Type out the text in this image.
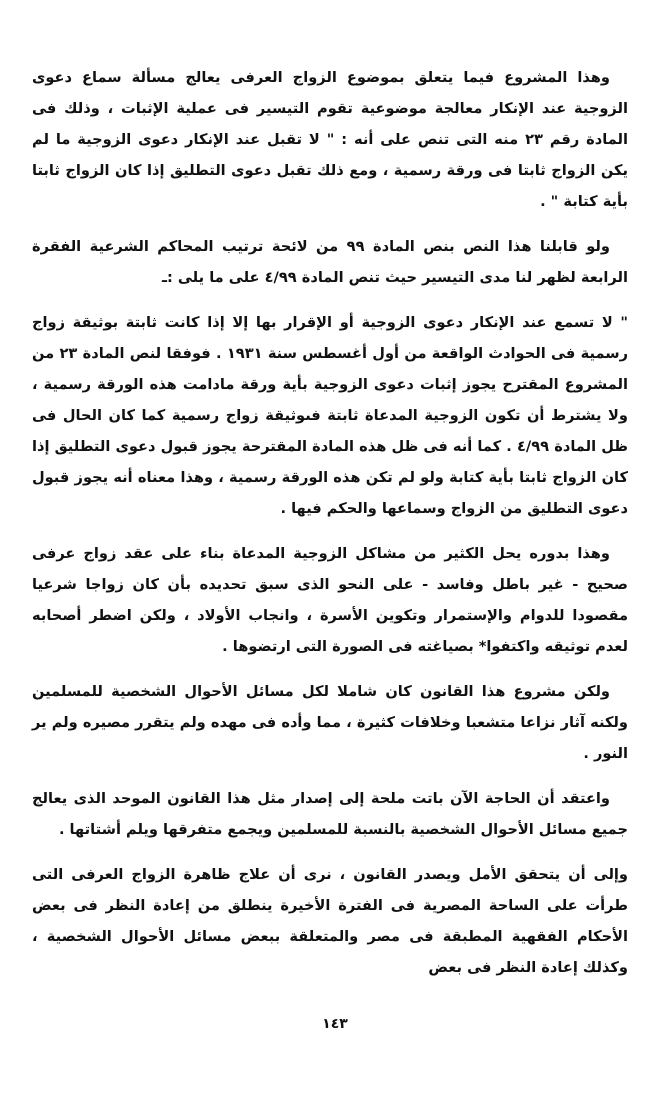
وهذا المشروع فيما يتعلق بموضوع الزواج العرفى يعالج مسألة سماع دعوى الزوجية عند الإنكار معالجة موضوعية تقوم التيسير فى عملية الإثبات ، وذلك فى المادة رقم ٢٣ منه التى تنص على أنه : " لا تقبل عند الإنكار دعوى الزوجية ما لم يكن الزواج ثابتا فى ورقة رسمية ، ومع ذلك تقبل دعوى التطليق إذا كان الزواج ثابتا بأية كتابة " .

ولو قابلنا هذا النص بنص المادة ٩٩ من لائحة ترتيب المحاكم الشرعية الفقرة الرابعة لظهر لنا مدى التيسير حيث تنص المادة ٤/٩٩ على ما يلى :ـ

" لا تسمع عند الإنكار دعوى الزوجية أو الإقرار بها إلا إذا كانت ثابتة بوثيقة زواج رسمية فى الحوادث الواقعة من أول أغسطس سنة ١٩٣١ . فوفقا لنص المادة ٢٣ من المشروع المقترح يجوز إثبات دعوى الزوجية بأية ورقة مادامت هذه الورقة رسمية ، ولا يشترط أن تكون الزوجية المدعاة ثابتة فىوثيقة زواج رسمية كما كان الحال فى ظل المادة ٤/٩٩ . كما أنه فى ظل هذه المادة المقترحة يجوز قبول دعوى التطليق إذا كان الزواج ثابتا بأية كتابة ولو لم تكن هذه الورقة رسمية ، وهذا معناه أنه يجوز قبول دعوى التطليق من الزواج وسماعها والحكم فيها .

وهذا بدوره يحل الكثير من مشاكل الزوجية المدعاة بناء على عقد زواج عرفى صحيح - غير باطل وفاسد - على النحو الذى سبق تحديده بأن كان زواجا شرعيا مقصودا للدوام والإستمرار وتكوين الأسرة ، وانجاب الأولاد ، ولكن اضطر أصحابه لعدم توثيقه واكتفوا* بصياغته فى الصورة التى ارتضوها .

ولكن مشروع هذا القانون كان شاملا لكل مسائل الأحوال الشخصية للمسلمين ولكنه آثار نزاعا متشعبا وخلافات كثيرة ، مما وأده فى مهده ولم يتقرر مصيره ولم ير النور .

واعتقد أن الحاجة الآن باتت ملحة إلى إصدار مثل هذا القانون الموحد الذى يعالج جميع مسائل الأحوال الشخصية بالنسبة للمسلمين ويجمع متفرقها ويلم أشتاتها .

وإلى أن يتحقق الأمل ويصدر القانون ، نرى أن علاج ظاهرة الزواج العرفى التى طرأت على الساحة المصرية فى الفترة الأخيرة ينطلق من إعادة النظر فى بعض الأحكام الفقهية المطبقة فى مصر والمتعلقة ببعض مسائل الأحوال الشخصية ، وكذلك إعادة النظر فى بعض

١٤٣
